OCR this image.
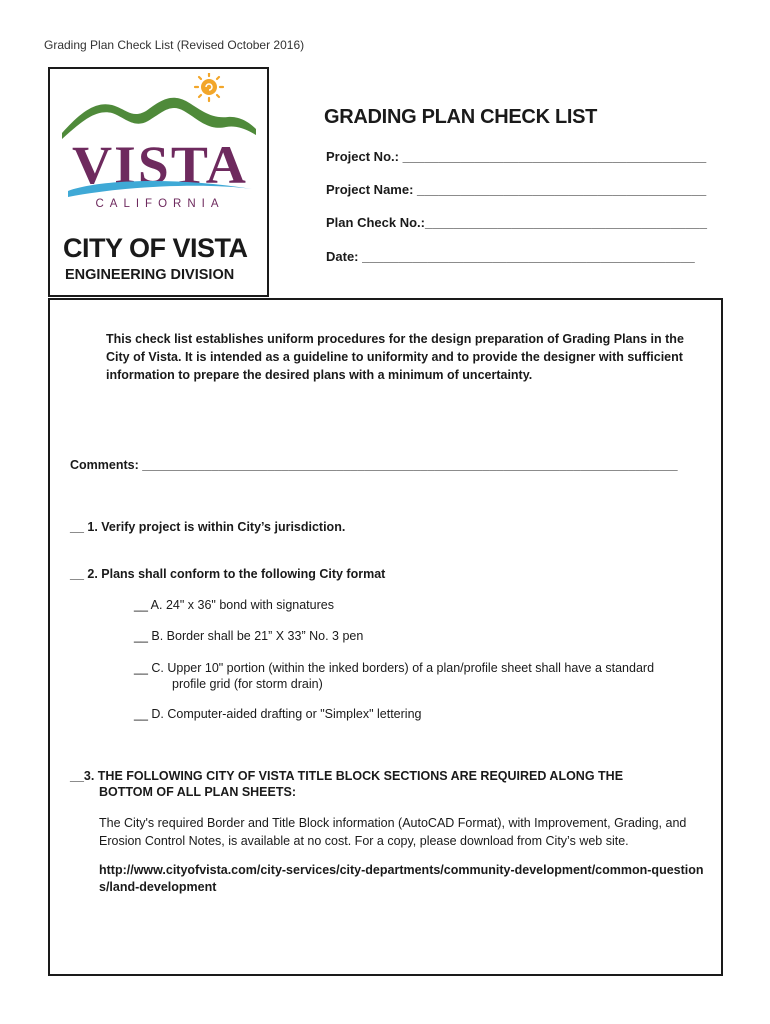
Grading Plan Check List (Revised October 2016)
VISTA
CALIFORNIA
CITY OF VISTA
ENGINEERING DIVISION
GRADING PLAN CHECK LIST
Project No.: __________________________________________
Project Name: ________________________________________
Plan Check No.:_______________________________________
Date: ______________________________________________
This check list establishes uniform procedures for the design preparation of Grading Plans in the City of Vista. It is intended as a guideline to uniformity and to provide the designer with sufficient information to prepare the desired plans with a minimum of uncertainty.
Comments: _____________________________________________________________________________
__ 1. Verify project is within City’s jurisdiction.
__ 2. Plans shall conform to the following City format
__ A. 24" x 36" bond with signatures
__ B. Border shall be 21” X 33” No. 3 pen
__ C. Upper 10" portion (within the inked borders) of a plan/profile sheet shall have a standard
profile grid (for storm drain)
__ D. Computer-aided drafting or "Simplex" lettering
__3. THE FOLLOWING CITY OF VISTA TITLE BLOCK SECTIONS ARE REQUIRED ALONG THE
BOTTOM OF ALL PLAN SHEETS:
The City's required Border and Title Block information (AutoCAD Format), with Improvement, Grading, and Erosion Control Notes, is available at no cost. For a copy, please download from City’s web site.
http://www.cityofvista.com/city-services/city-departments/community-development/common-questions/land-development
